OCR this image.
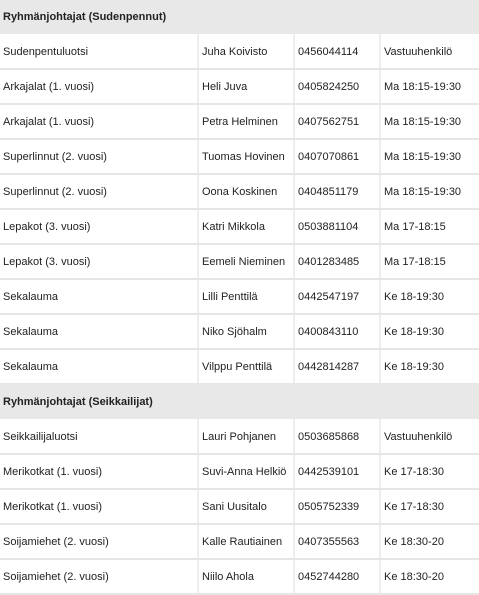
Ryhmänjohtajat (Sudenpennut)			
Sudenpentuluotsi	Juha Koivisto	0456044114	Vastuuhenkilö
Arkajalat (1. vuosi)	Heli Juva	0405824250	Ma 18:15-19:30
Arkajalat (1. vuosi)	Petra Helminen	0407562751	Ma 18:15-19:30
Superlinnut (2. vuosi)	Tuomas Hovinen	0407070861	Ma 18:15-19:30
Superlinnut (2. vuosi)	Oona Koskinen	0404851179	Ma 18:15-19:30
Lepakot (3. vuosi)	Katri Mikkola	0503881104	Ma 17-18:15
Lepakot (3. vuosi)	Eemeli Nieminen	0401283485	Ma 17-18:15
Sekalauma	Lilli Penttilä	0442547197	Ke 18-19:30
Sekalauma	Niko Sjöhalm	0400843110	Ke 18-19:30
Sekalauma	Vilppu Penttilä	0442814287	Ke 18-19:30
Ryhmänjohtajat (Seikkailijat)			
Seikkailijaluotsi	Lauri Pohjanen	0503685868	Vastuuhenkilö
Merikotkat (1. vuosi)	Suvi-Anna Helkiö	0442539101	Ke 17-18:30
Merikotkat (1. vuosi)	Sani Uusitalo	0505752339	Ke 17-18:30
Soijamiehet (2. vuosi)	Kalle Rautiainen	0407355563	Ke 18:30-20
Soijamiehet (2. vuosi)	Niilo Ahola	0452744280	Ke 18:30-20
